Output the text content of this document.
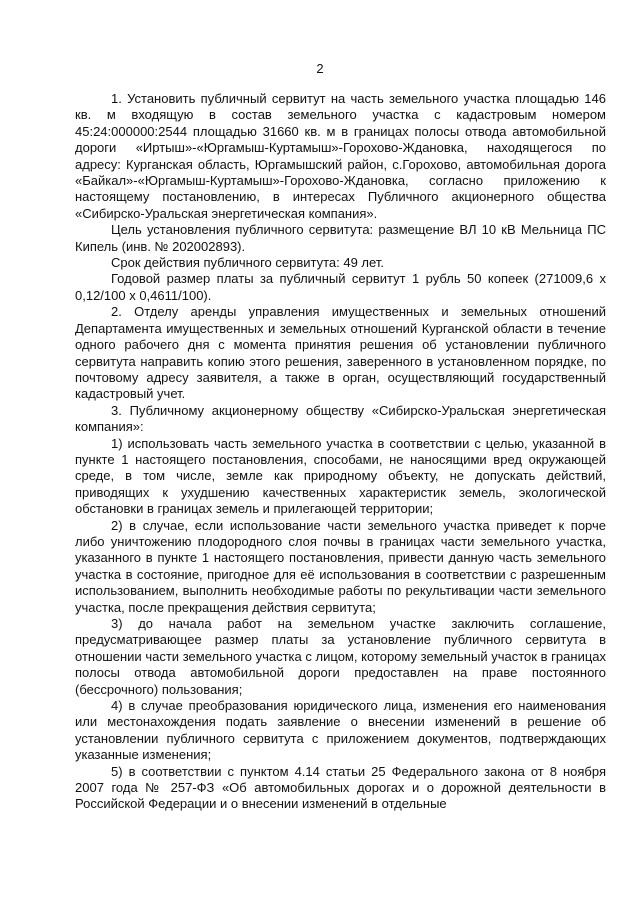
2

1. Установить публичный сервитут на часть земельного участка площадью 146 кв. м входящую в состав земельного участка с кадастровым номером 45:24:000000:2544 площадью 31660 кв. м в границах полосы отвода автомобильной дороги «Иртыш»-«Юргамыш-Куртамыш»-Горохово-Ждановка, находящегося по адресу: Курганская область, Юргамышский район, с.Горохово, автомобильная дорога «Байкал»-«Юргамыш-Куртамыш»-Горохово-Ждановка, согласно приложению к настоящему постановлению, в интересах Публичного акционерного общества «Сибирско-Уральская энергетическая компания».

Цель установления публичного сервитута: размещение ВЛ 10 кВ Мельница ПС Кипель (инв. № 202002893).

Срок действия публичного сервитута: 49 лет.

Годовой размер платы за публичный сервитут 1 рубль 50 копеек (271009,6 х 0,12/100 х 0,4611/100).

2. Отделу аренды управления имущественных и земельных отношений Департамента имущественных и земельных отношений Курганской области в течение одного рабочего дня с момента принятия решения об установлении публичного сервитута направить копию этого решения, заверенного в установленном порядке, по почтовому адресу заявителя, а также в орган, осуществляющий государственный кадастровый учет.

3. Публичному акционерному обществу «Сибирско-Уральская энергетическая компания»:

1) использовать часть земельного участка в соответствии с целью, указанной в пункте 1 настоящего постановления, способами, не наносящими вред окружающей среде, в том числе, земле как природному объекту, не допускать действий, приводящих к ухудшению качественных характеристик земель, экологической обстановки в границах земель и прилегающей территории;

2) в случае, если использование части земельного участка приведет к порче либо уничтожению плодородного слоя почвы в границах части земельного участка, указанного в пункте 1 настоящего постановления, привести данную часть земельного участка в состояние, пригодное для её использования в соответствии с разрешенным использованием, выполнить необходимые работы по рекультивации части земельного участка, после прекращения действия сервитута;

3) до начала работ на земельном участке заключить соглашение, предусматривающее размер платы за установление публичного сервитута в отношении части земельного участка с лицом, которому земельный участок в границах полосы отвода автомобильной дороги предоставлен на праве постоянного (бессрочного) пользования;

4) в случае преобразования юридического лица, изменения его наименования или местонахождения подать заявление о внесении изменений в решение об установлении публичного сервитута с приложением документов, подтверждающих указанные изменения;

5) в соответствии с пунктом 4.14 статьи 25 Федерального закона от 8 ноября 2007 года № 257-ФЗ «Об автомобильных дорогах и о дорожной деятельности в Российской Федерации и о внесении изменений в отдельные
